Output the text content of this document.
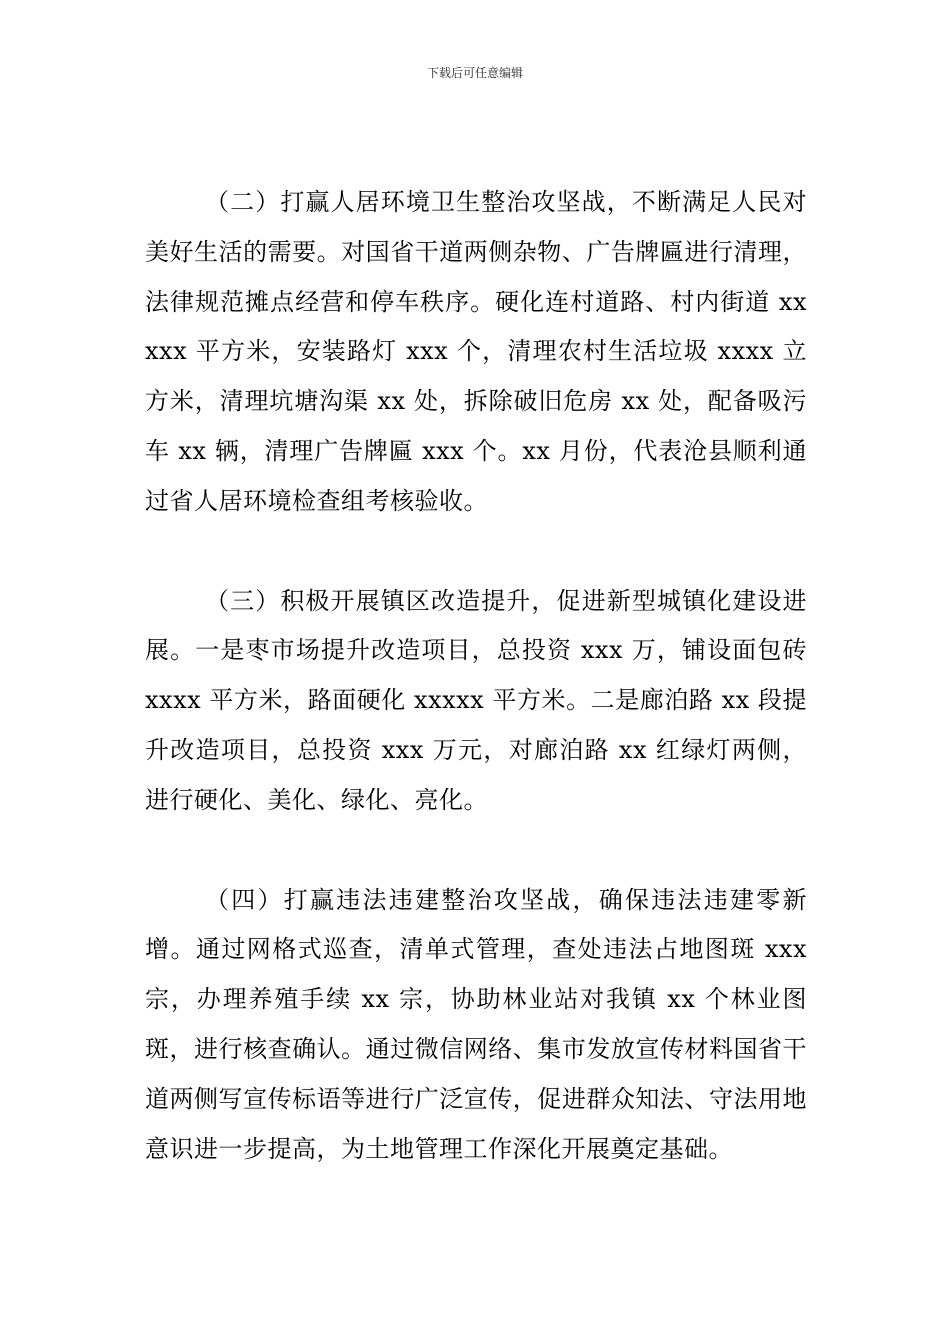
下载后可任意编辑

（二）打赢人居环境卫生整治攻坚战，不断满足人民对美好生活的需要。对国省干道两侧杂物、广告牌匾进行清理，法律规范摊点经营和停车秩序。硬化连村道路、村内街道 xxxxx 平方米，安装路灯 xxx 个，清理农村生活垃圾 xxxx 立方米，清理坑塘沟渠 xx 处，拆除破旧危房 xx 处，配备吸污车 xx 辆，清理广告牌匾 xxx 个。xx 月份，代表沧县顺利通过省人居环境检查组考核验收。

（三）积极开展镇区改造提升，促进新型城镇化建设进展。一是枣市场提升改造项目，总投资 xxx 万，铺设面包砖 xxxx 平方米，路面硬化 xxxxx 平方米。二是廊泊路 xx 段提升改造项目，总投资 xxx 万元，对廊泊路 xx 红绿灯两侧，进行硬化、美化、绿化、亮化。

（四）打赢违法违建整治攻坚战，确保违法违建零新增。通过网格式巡查，清单式管理，查处违法占地图斑 xxx 宗，办理养殖手续 xx 宗，协助林业站对我镇 xx 个林业图斑，进行核查确认。通过微信网络、集市发放宣传材料国省干道两侧写宣传标语等进行广泛宣传，促进群众知法、守法用地意识进一步提高，为土地管理工作深化开展奠定基础。
